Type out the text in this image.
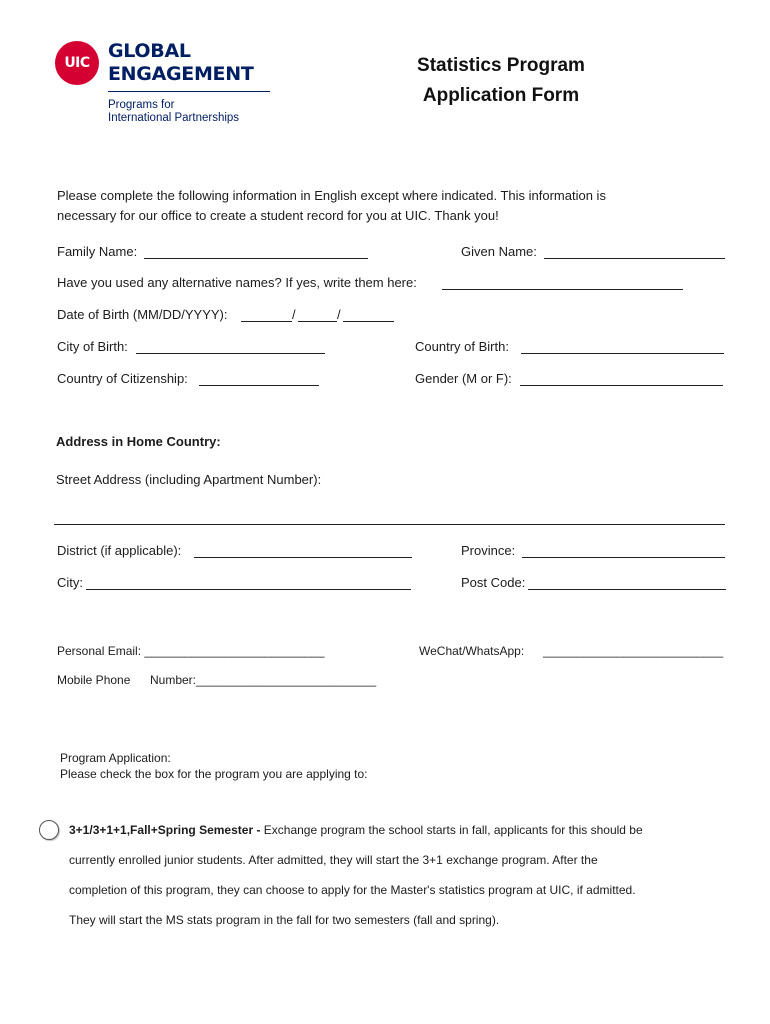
UIC
GLOBAL
ENGAGEMENT
Programs for
International Partnerships
Statistics Program
Application Form
Please complete the following information in English except where indicated. This information is
necessary for our office to create a student record for you at UIC. Thank you!
Family Name:	Given Name:
Have you used any alternative names? If yes, write them here:
Date of Birth (MM/DD/YYYY):	/	/
City of Birth:	Country of Birth:
Country of Citizenship:	Gender (M or F):
Address in Home Country:
Street Address (including Apartment Number):
District (if applicable):	Province:
City:	Post Code:
Personal Email: ___________________________	WeChat/WhatsApp: ___________________________
Mobile Phone Number:___________________________
Program Application:
Please check the box for the program you are applying to:
3+1/3+1+1,Fall+Spring Semester - Exchange program the school starts in fall, applicants for this should be
currently enrolled junior students. After admitted, they will start the 3+1 exchange program. After the
completion of this program, they can choose to apply for the Master's statistics program at UIC, if admitted.
They will start the MS stats program in the fall for two semesters (fall and spring).
